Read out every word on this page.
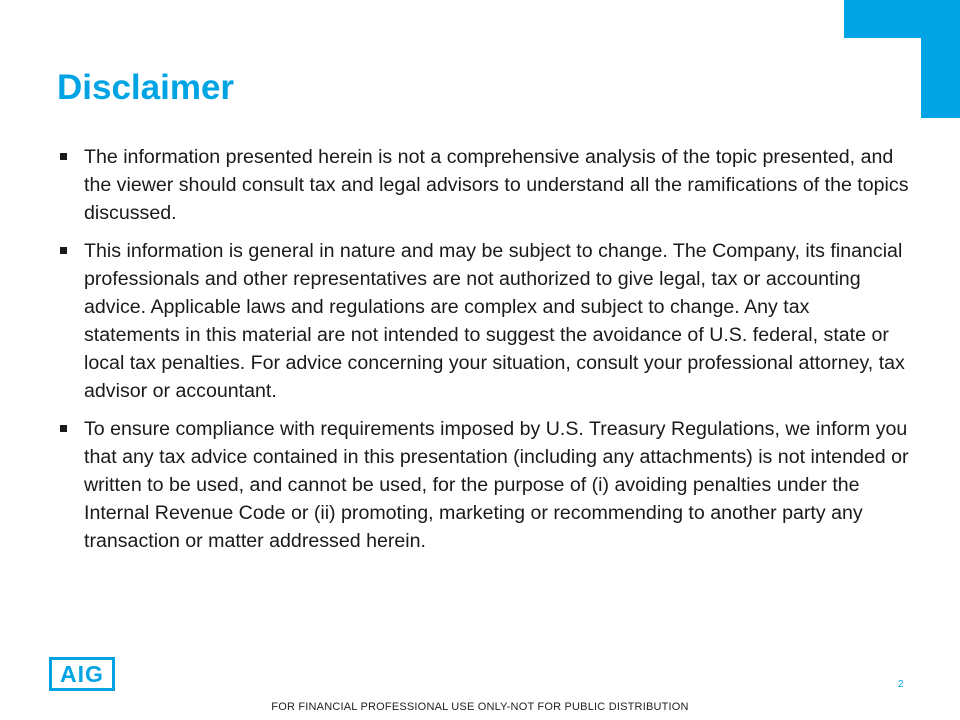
Disclaimer
The information presented herein is not a comprehensive analysis of the topic presented, and the viewer should consult tax and legal advisors to understand all the ramifications of the topics discussed.
This information is general in nature and may be subject to change. The Company, its financial professionals and other representatives are not authorized to give legal, tax or accounting advice. Applicable laws and regulations are complex and subject to change. Any tax statements in this material are not intended to suggest the avoidance of U.S. federal, state or local tax penalties. For advice concerning your situation, consult your professional attorney, tax advisor or accountant.
To ensure compliance with requirements imposed by U.S. Treasury Regulations, we inform you that any tax advice contained in this presentation (including any attachments) is not intended or written to be used, and cannot be used, for the purpose of (i) avoiding penalties under the Internal Revenue Code or (ii) promoting, marketing or recommending to another party any transaction or matter addressed herein.
AIG	2
FOR FINANCIAL PROFESSIONAL USE ONLY-NOT FOR PUBLIC DISTRIBUTION
